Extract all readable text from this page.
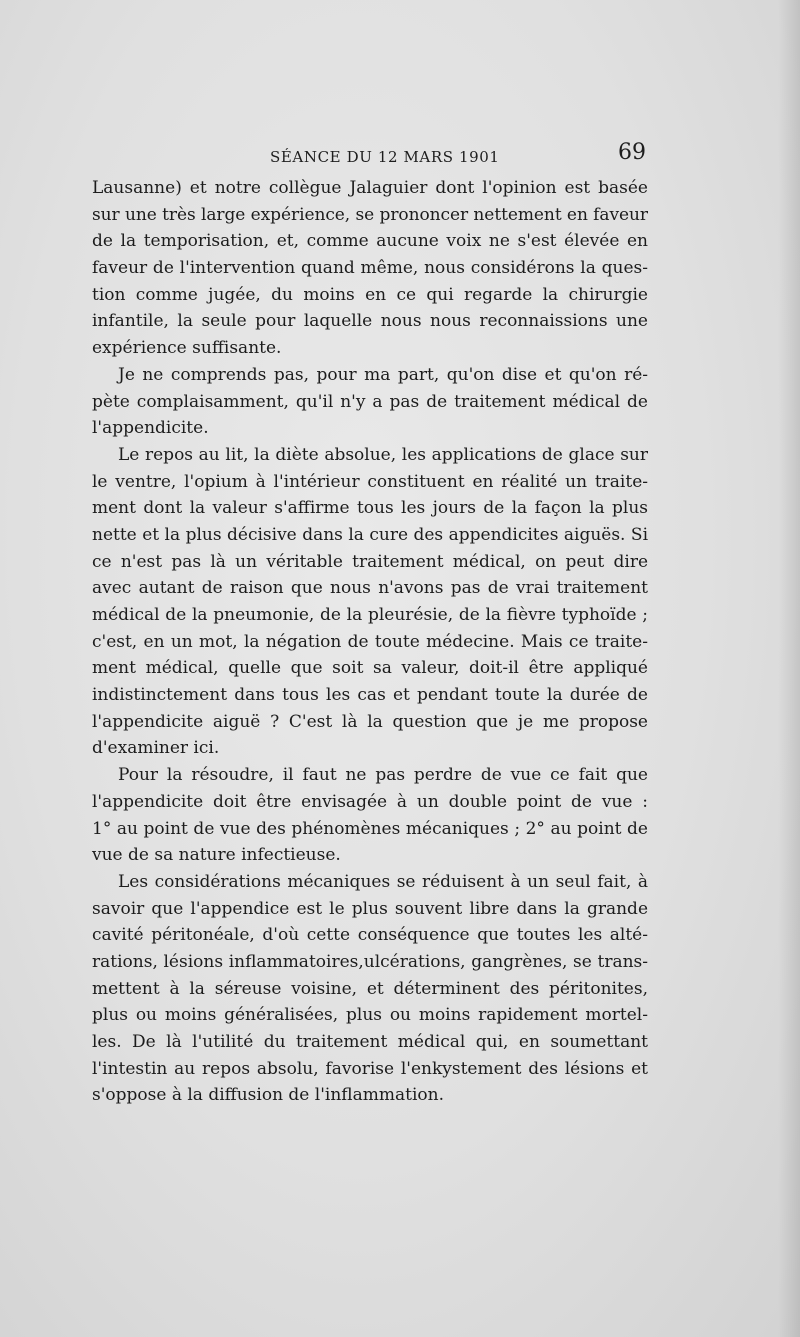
SÉANCE DU 12 MARS 1901	69
Lausanne) et notre collègue Jalaguier dont l'opinion est basée
sur une très large expérience, se prononcer nettement en faveur
de la temporisation, et, comme aucune voix ne s'est élevée en
faveur de l'intervention quand même, nous considérons la ques-
tion comme jugée, du moins en ce qui regarde la chirurgie
infantile, la seule pour laquelle nous nous reconnaissions une
expérience suffisante.
Je ne comprends pas, pour ma part, qu'on dise et qu'on ré-
pète complaisamment, qu'il n'y a pas de traitement médical de
l'appendicite.
Le repos au lit, la diète absolue, les applications de glace sur
le ventre, l'opium à l'intérieur constituent en réalité un traite-
ment dont la valeur s'affirme tous les jours de la façon la plus
nette et la plus décisive dans la cure des appendicites aiguës. Si
ce n'est pas là un véritable traitement médical, on peut dire
avec autant de raison que nous n'avons pas de vrai traitement
médical de la pneumonie, de la pleurésie, de la fièvre typhoïde ;
c'est, en un mot, la négation de toute médecine. Mais ce traite-
ment médical, quelle que soit sa valeur, doit-il être appliqué
indistinctement dans tous les cas et pendant toute la durée de
l'appendicite aiguë ? C'est là la question que je me propose
d'examiner ici.
Pour la résoudre, il faut ne pas perdre de vue ce fait que
l'appendicite doit être envisagée à un double point de vue :
1° au point de vue des phénomènes mécaniques ; 2° au point de
vue de sa nature infectieuse.
Les considérations mécaniques se réduisent à un seul fait, à
savoir que l'appendice est le plus souvent libre dans la grande
cavité péritonéale, d'où cette conséquence que toutes les alté-
rations, lésions inflammatoires,ulcérations, gangrènes, se trans-
mettent à la séreuse voisine, et déterminent des péritonites,
plus ou moins généralisées, plus ou moins rapidement mortel-
les. De là l'utilité du traitement médical qui, en soumettant
l'intestin au repos absolu, favorise l'enkystement des lésions et
s'oppose à la diffusion de l'inflammation.
